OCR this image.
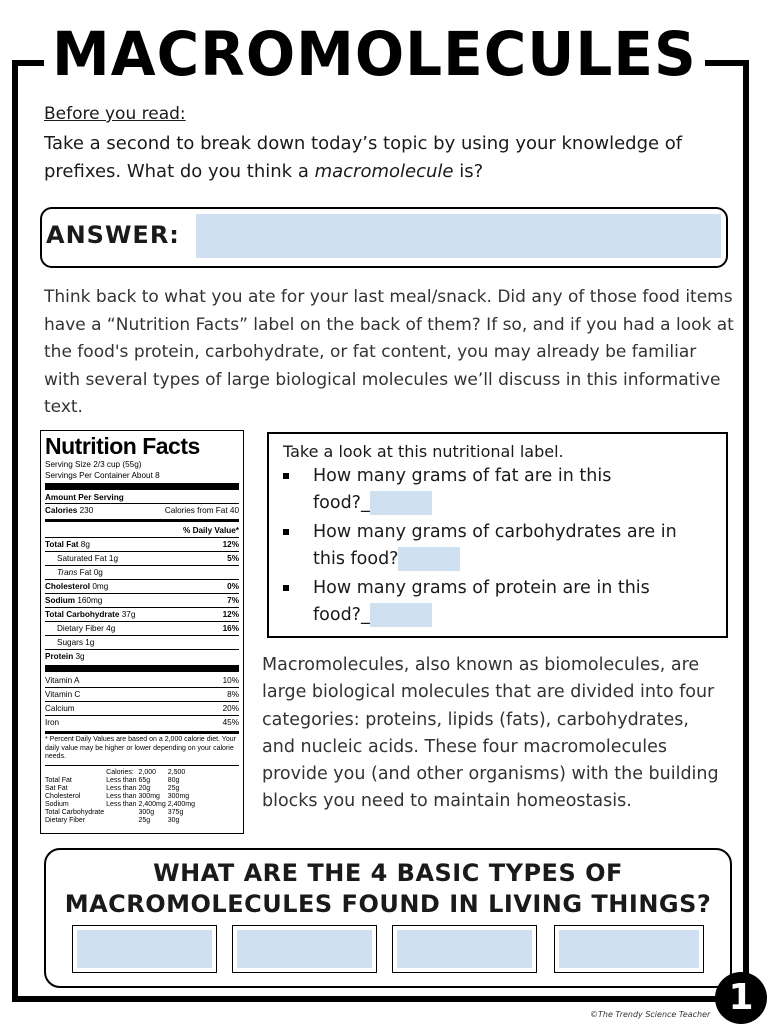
MACROMOLECULES
Before you read:
Take a second to break down today’s topic by using your knowledge of prefixes. What do you think a macromolecule is?
ANSWER:
Think back to what you ate for your last meal/snack. Did any of those food items have a “Nutrition Facts” label on the back of them? If so, and if you had a look at the food's protein, carbohydrate, or fat content, you may already be familiar with several types of large biological molecules we’ll discuss in this informative text.
Nutrition Facts
Serving Size 2/3 cup (55g)
Servings Per Container About 8
Amount Per Serving
Calories 230	Calories from Fat 40
% Daily Value*
Total Fat 8g	12%
Saturated Fat 1g	5%
Trans Fat 0g
Cholesterol 0mg	0%
Sodium 160mg	7%
Total Carbohydrate 37g	12%
Dietary Fiber 4g	16%
Sugars 1g
Protein 3g
Vitamin A	10%
Vitamin C	8%
Calcium	20%
Iron	45%
* Percent Daily Values are based on a 2,000 calorie diet. Your daily value may be higher or lower depending on your calorie needs.
	Calories:	2,000	2,500
Total Fat	Less than	65g	80g
Sat Fat	Less than	20g	25g
Cholesterol	Less than	300mg	300mg
Sodium	Less than	2,400mg	2,400mg
Total Carbohydrate		300g	375g
Dietary Fiber		25g	30g
Take a look at this nutritional label.
How many grams of fat are in this
food?_
How many grams of carbohydrates are in
this food?
How many grams of protein are in this
food?_
Macromolecules, also known as biomolecules, are large biological molecules that are divided into four categories: proteins, lipids (fats), carbohydrates, and nucleic acids. These four macromolecules provide you (and other organisms) with the building blocks you need to maintain homeostasis.
WHAT ARE THE 4 BASIC TYPES OF
MACROMOLECULES FOUND IN LIVING THINGS?
1
©The Trendy Science Teacher
